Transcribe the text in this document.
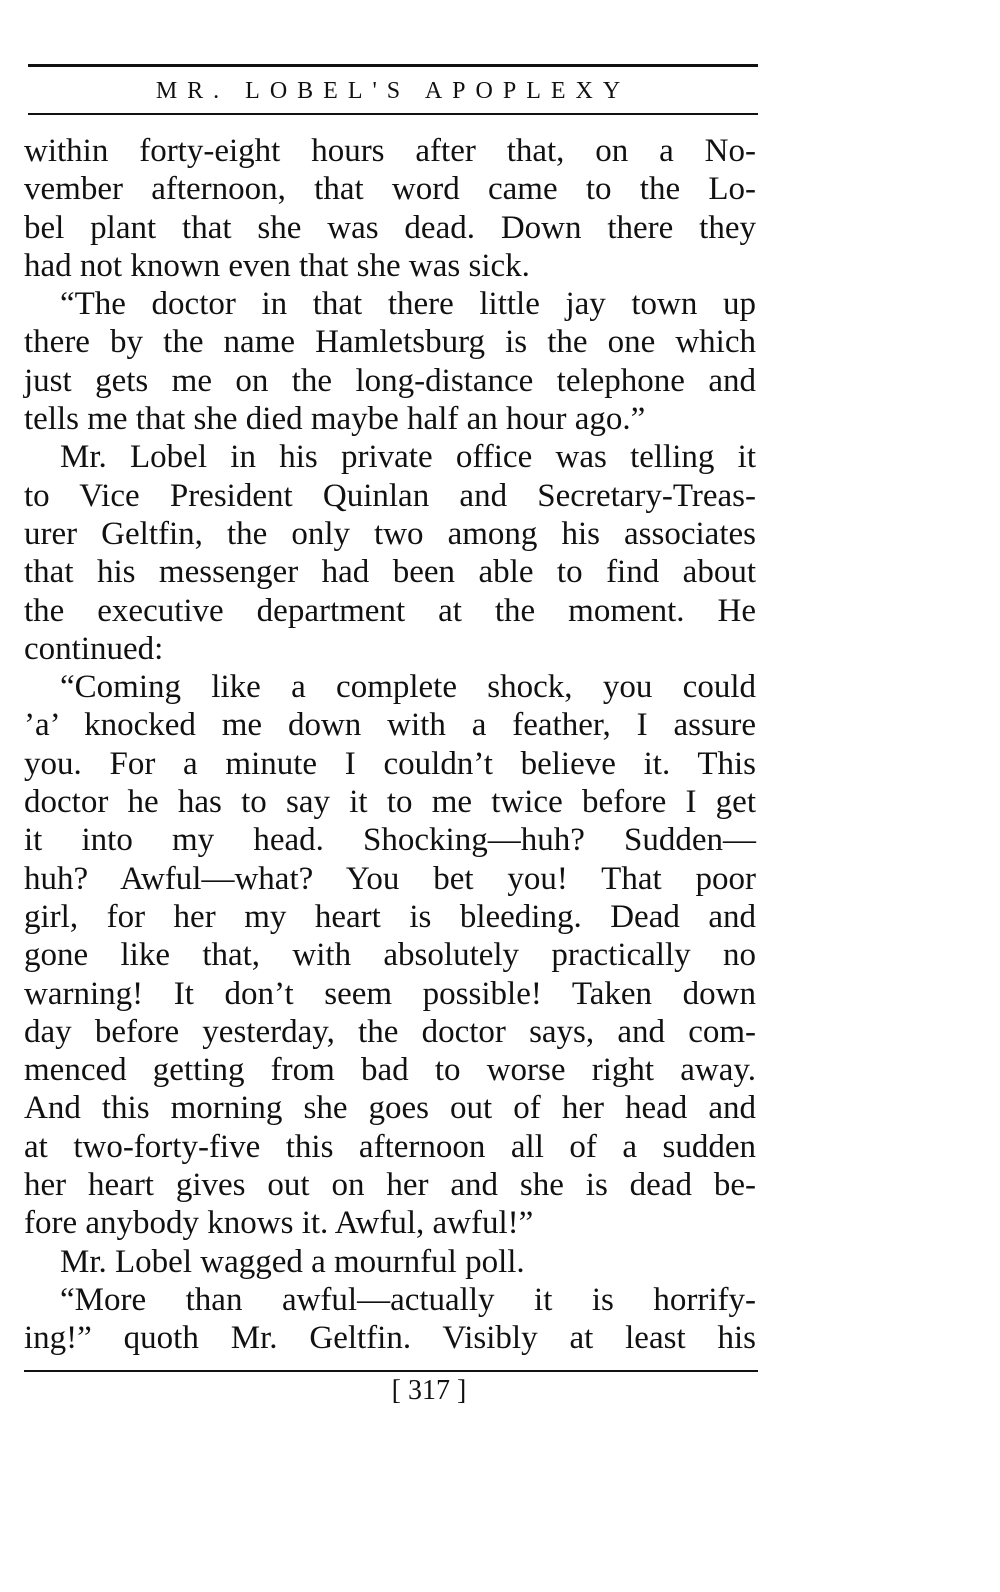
MR. LOBEL'S APOPLEXY
within forty-eight hours after that, on a No-
vember afternoon, that word came to the Lo-
bel plant that she was dead. Down there they
had not known even that she was sick.
“The doctor in that there little jay town up
there by the name Hamletsburg is the one which
just gets me on the long-distance telephone and
tells me that she died maybe half an hour ago.”
Mr. Lobel in his private office was telling it
to Vice President Quinlan and Secretary-Treas-
urer Geltfin, the only two among his associates
that his messenger had been able to find about
the executive department at the moment. He
continued:
“Coming like a complete shock, you could
’a’ knocked me down with a feather, I assure
you. For a minute I couldn’t believe it. This
doctor he has to say it to me twice before I get
it into my head. Shocking—huh? Sudden—
huh? Awful—what? You bet you! That poor
girl, for her my heart is bleeding. Dead and
gone like that, with absolutely practically no
warning! It don’t seem possible! Taken down
day before yesterday, the doctor says, and com-
menced getting from bad to worse right away.
And this morning she goes out of her head and
at two-forty-five this afternoon all of a sudden
her heart gives out on her and she is dead be-
fore anybody knows it. Awful, awful!”
Mr. Lobel wagged a mournful poll.
“More than awful—actually it is horrify-
ing!” quoth Mr. Geltfin. Visibly at least his
[ 317 ]
